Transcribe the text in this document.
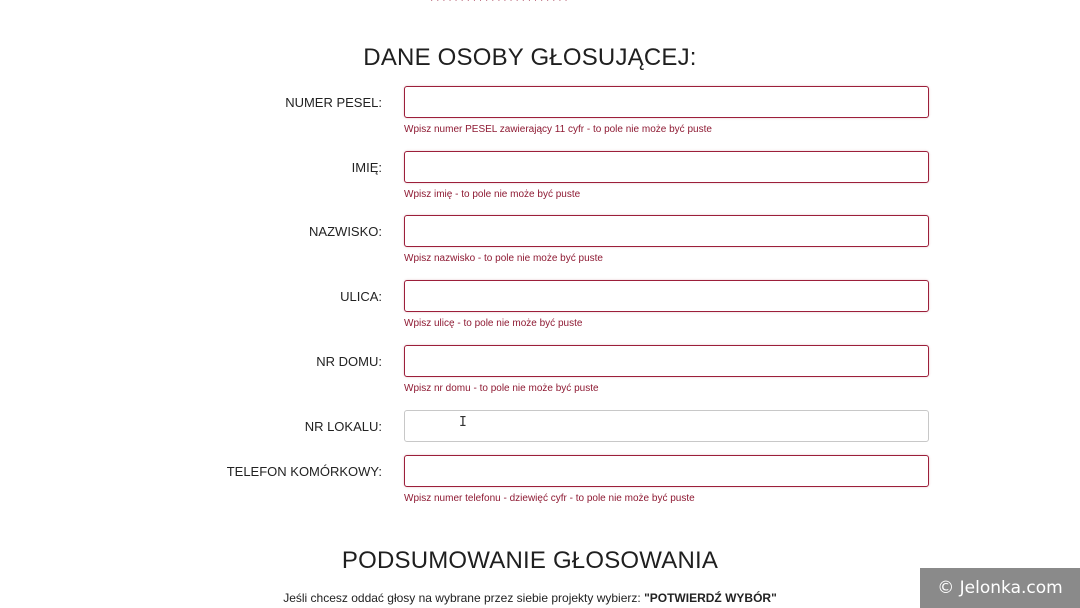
· · · · · · · · · · · · · · · · · · · · · · ·
DANE OSOBY GŁOSUJĄCEJ:
NUMER PESEL:
Wpisz numer PESEL zawierający 11 cyfr - to pole nie może być puste
IMIĘ:
Wpisz imię - to pole nie może być puste
NAZWISKO:
Wpisz nazwisko - to pole nie może być puste
ULICA:
Wpisz ulicę - to pole nie może być puste
NR DOMU:
Wpisz nr domu - to pole nie może być puste
NR LOKALU:	I
TELEFON KOMÓRKOWY:
Wpisz numer telefonu - dziewięć cyfr - to pole nie może być puste
PODSUMOWANIE GŁOSOWANIA
Jeśli chcesz oddać głosy na wybrane przez siebie projekty wybierz: "POTWIERDŹ WYBÓR"	© Jelonka.com
